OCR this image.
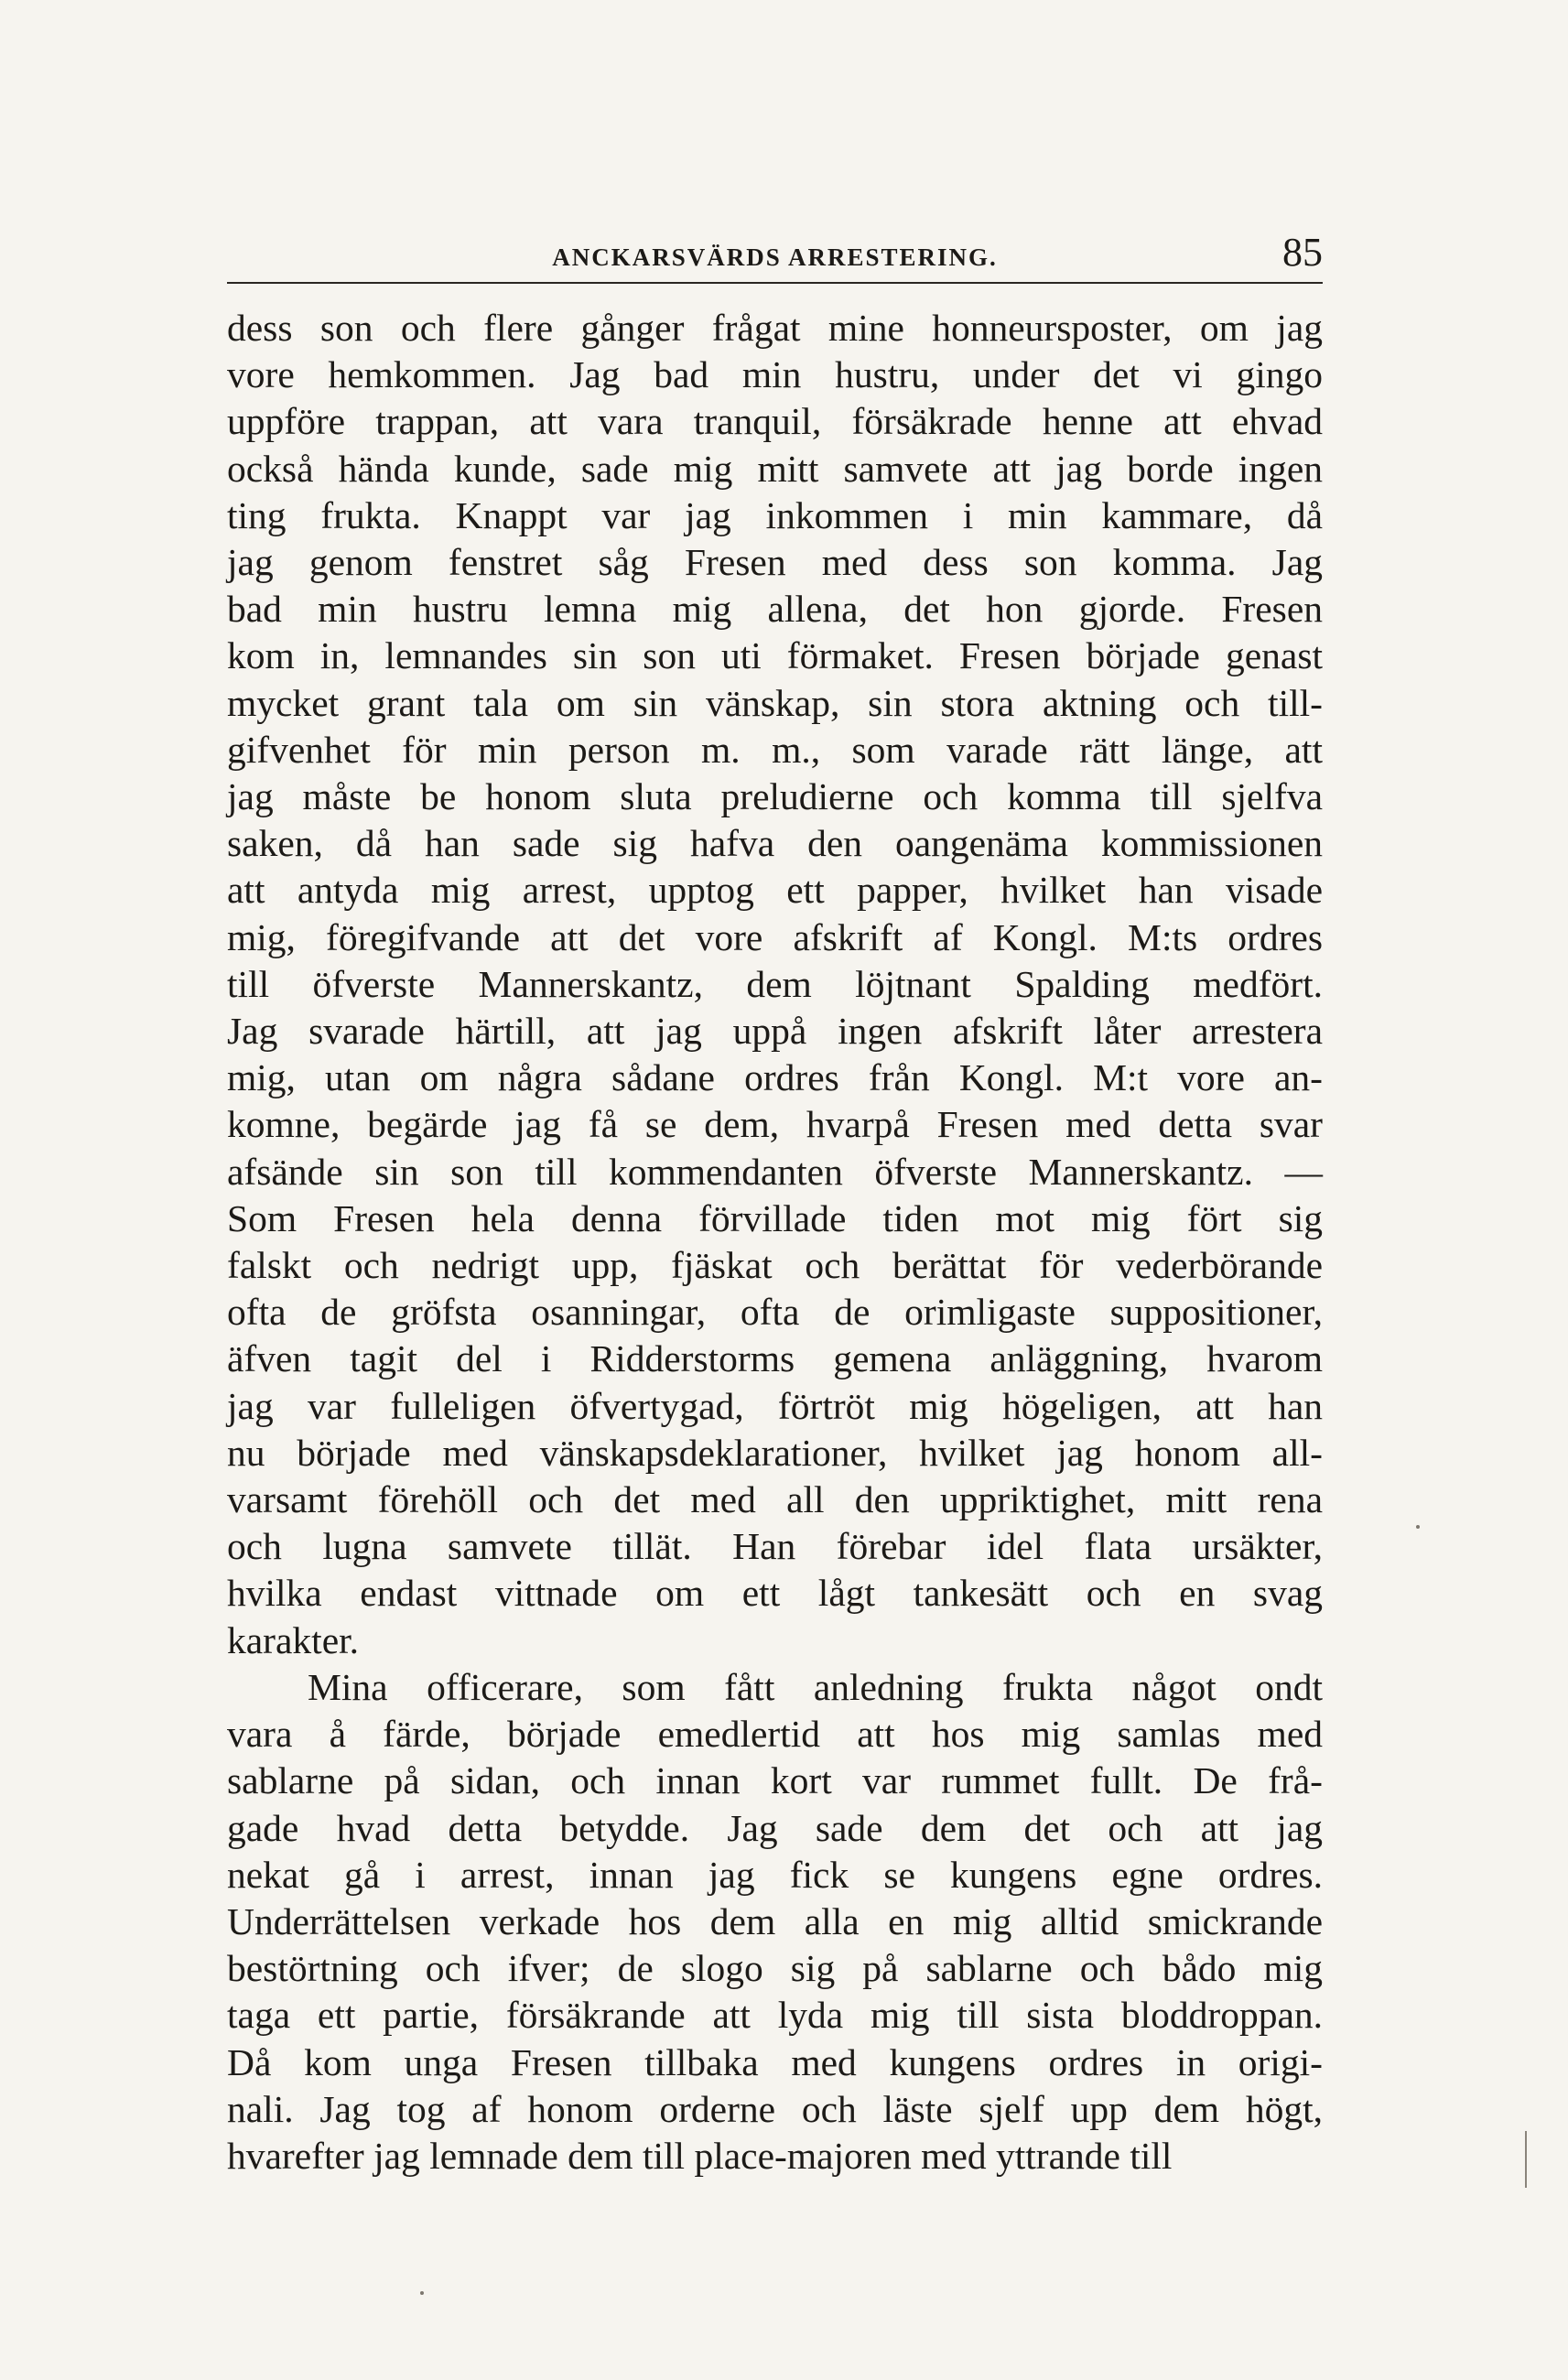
ANCKARSVÄRDS ARRESTERING.	85
dess son och flere gånger frågat mine honneursposter, om jag
vore hemkommen. Jag bad min hustru, under det vi gingo
uppföre trappan, att vara tranquil, försäkrade henne att ehvad
också hända kunde, sade mig mitt samvete att jag borde ingen
ting frukta. Knappt var jag inkommen i min kammare, då
jag genom fenstret såg Fresen med dess son komma. Jag
bad min hustru lemna mig allena, det hon gjorde. Fresen
kom in, lemnandes sin son uti förmaket. Fresen började genast
mycket grant tala om sin vänskap, sin stora aktning och till-
gifvenhet för min person m. m., som varade rätt länge, att
jag måste be honom sluta preludierne och komma till sjelfva
saken, då han sade sig hafva den oangenäma kommissionen
att antyda mig arrest, upptog ett papper, hvilket han visade
mig, föregifvande att det vore afskrift af Kongl. M:ts ordres
till öfverste Mannerskantz, dem löjtnant Spalding medfört.
Jag svarade härtill, att jag uppå ingen afskrift låter arrestera
mig, utan om några sådane ordres från Kongl. M:t vore an-
komne, begärde jag få se dem, hvarpå Fresen med detta svar
afsände sin son till kommendanten öfverste Mannerskantz. —
Som Fresen hela denna förvillade tiden mot mig fört sig
falskt och nedrigt upp, fjäskat och berättat för vederbörande
ofta de gröfsta osanningar, ofta de orimligaste suppositioner,
äfven tagit del i Ridderstorms gemena anläggning, hvarom
jag var fulleligen öfvertygad, förtröt mig högeligen, att han
nu började med vänskapsdeklarationer, hvilket jag honom all-
varsamt förehöll och det med all den uppriktighet, mitt rena
och lugna samvete tillät. Han förebar idel flata ursäkter,
hvilka endast vittnade om ett lågt tankesätt och en svag
karakter.
Mina officerare, som fått anledning frukta något ondt
vara å färde, började emedlertid att hos mig samlas med
sablarne på sidan, och innan kort var rummet fullt. De frå-
gade hvad detta betydde. Jag sade dem det och att jag
nekat gå i arrest, innan jag fick se kungens egne ordres.
Underrättelsen verkade hos dem alla en mig alltid smickrande
bestörtning och ifver; de slogo sig på sablarne och bådo mig
taga ett partie, försäkrande att lyda mig till sista bloddroppan.
Då kom unga Fresen tillbaka med kungens ordres in origi-
nali. Jag tog af honom orderne och läste sjelf upp dem högt,
hvarefter jag lemnade dem till place-majoren med yttrande till
